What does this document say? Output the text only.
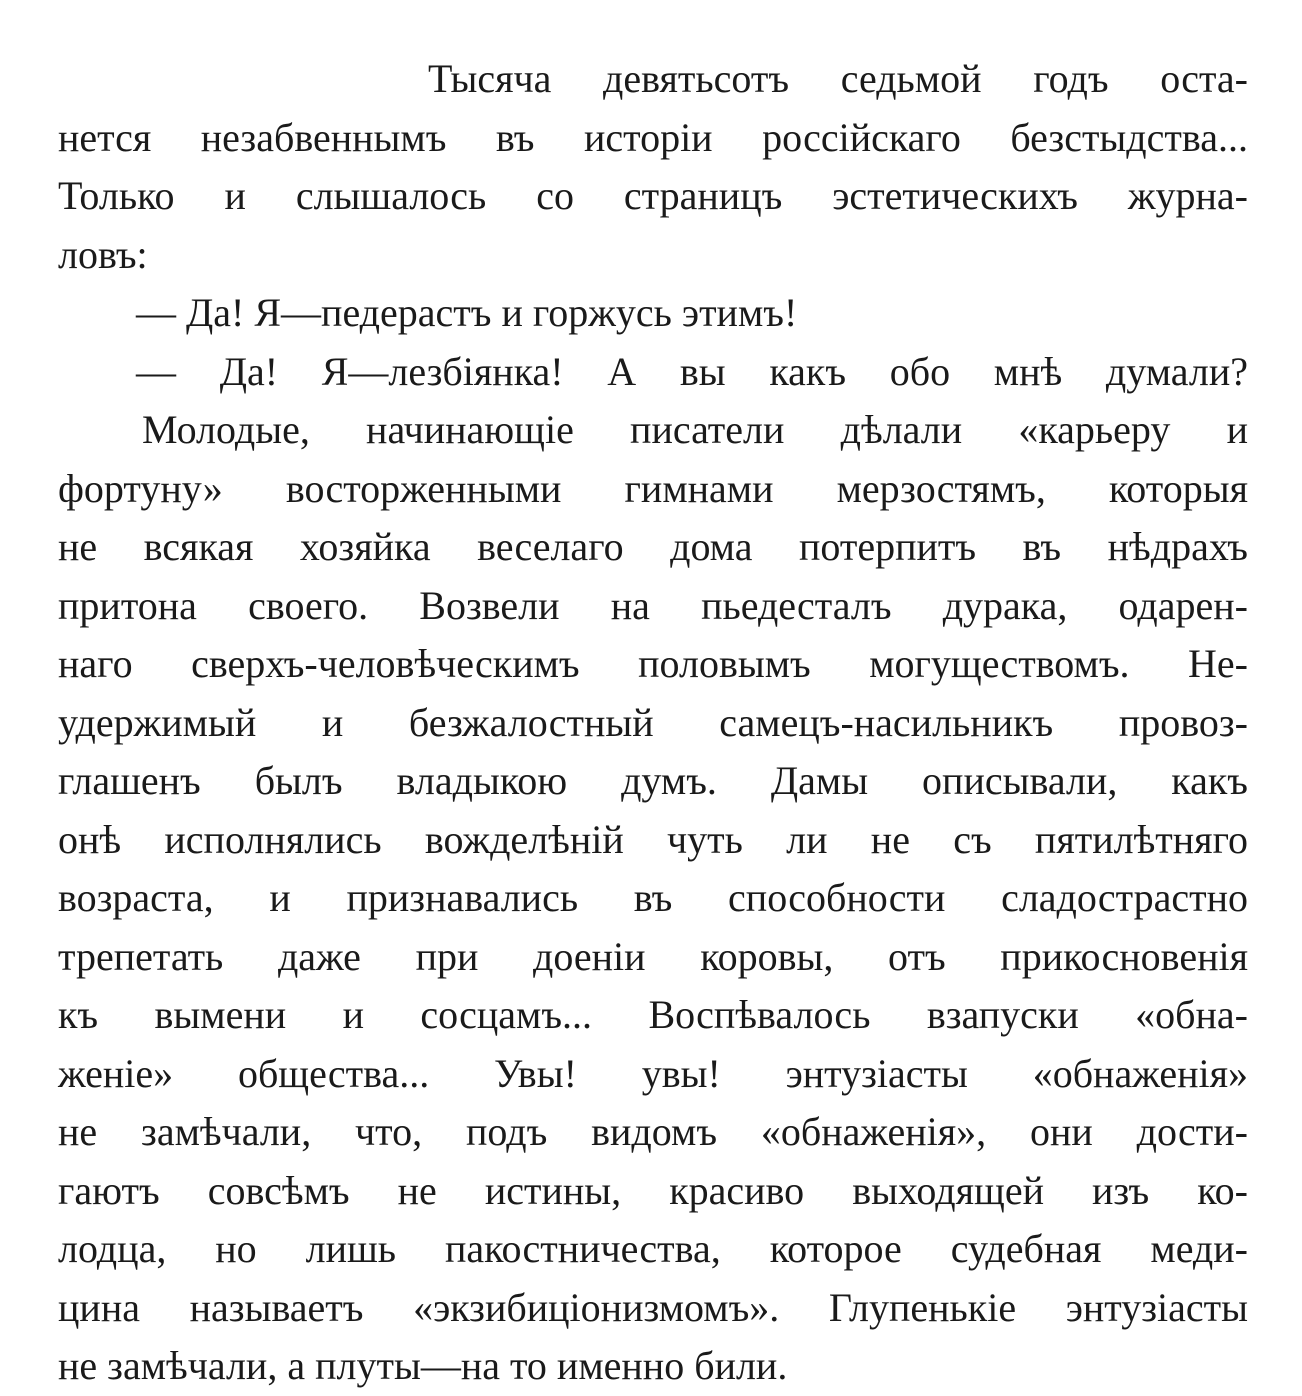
Тысяча девятьсотъ седьмой годъ оста-
нется незабвеннымъ въ исторіи россійскаго безстыдства...
Только и слышалось со страницъ эстетическихъ журна-
ловъ:
— Да! Я—педерастъ и горжусь этимъ!
— Да! Я—лезбіянка! А вы какъ обо мнѣ думали?
Молодые, начинающіе писатели дѣлали «карьеру и
фортуну» восторженными гимнами мерзостямъ, которыя
не всякая хозяйка веселаго дома потерпитъ въ нѣдрахъ
притона своего. Возвели на пьедесталъ дурака, одарен-
наго сверхъ-человѣческимъ половымъ могуществомъ. Не-
удержимый и безжалостный самецъ-насильникъ провоз-
глашенъ былъ владыкою думъ. Дамы описывали, какъ
онѣ исполнялись вожделѣній чуть ли не съ пятилѣтняго
возраста, и признавались въ способности сладострастно
трепетать даже при доеніи коровы, отъ прикосновенія
къ вымени и сосцамъ... Воспѣвалось взапуски «обна-
женіе» общества... Увы! увы! энтузіасты «обнаженія»
не замѣчали, что, подъ видомъ «обнаженія», они дости-
гаютъ совсѣмъ не истины, красиво выходящей изъ ко-
лодца, но лишь пакостничества, которое судебная меди-
цина называетъ «экзибиціонизмомъ». Глупенькіе энтузіасты
не замѣчали, а плуты—на то именно били.
